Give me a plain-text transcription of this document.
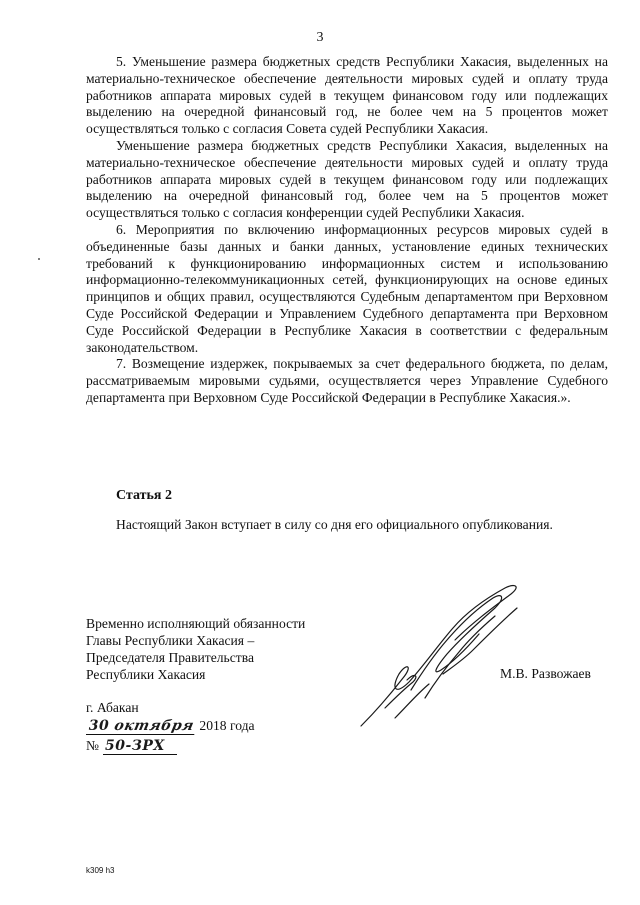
3

5. Уменьшение размера бюджетных средств Республики Хакасия, выделенных на материально-техническое обеспечение деятельности мировых судей и оплату труда работников аппарата мировых судей в текущем финансовом году или подлежащих выделению на очередной финансовый год, не более чем на 5 процентов может осуществляться только с согласия Совета судей Республики Хакасия.

Уменьшение размера бюджетных средств Республики Хакасия, выделенных на материально-техническое обеспечение деятельности мировых судей и оплату труда работников аппарата мировых судей в текущем финансовом году или подлежащих выделению на очередной финансовый год, более чем на 5 процентов может осуществляться только с согласия конференции судей Республики Хакасия.

6. Мероприятия по включению информационных ресурсов мировых судей в объединенные базы данных и банки данных, установление единых технических требований к функционированию информационных систем и использованию информационно-телекоммуникационных сетей, функционирующих на основе единых принципов и общих правил, осуществляются Судебным департаментом при Верховном Суде Российской Федерации и Управлением Судебного департамента при Верховном Суде Российской Федерации в Республике Хакасия в соответствии с федеральным законодательством.

7. Возмещение издержек, покрываемых за счет федерального бюджета, по делам, рассматриваемым мировыми судьями, осуществляется через Управление Судебного департамента при Верховном Суде Российской Федерации в Республике Хакасия.».

Статья 2

Настоящий Закон вступает в силу со дня его официального опубликования.

Временно исполняющий обязанности
Главы Республики Хакасия –
Председателя Правительства
Республики Хакасия	М.В. Развожаев
г. Абакан
30 октября 2018 года
№ 50-ЗРХ
k309 h3
